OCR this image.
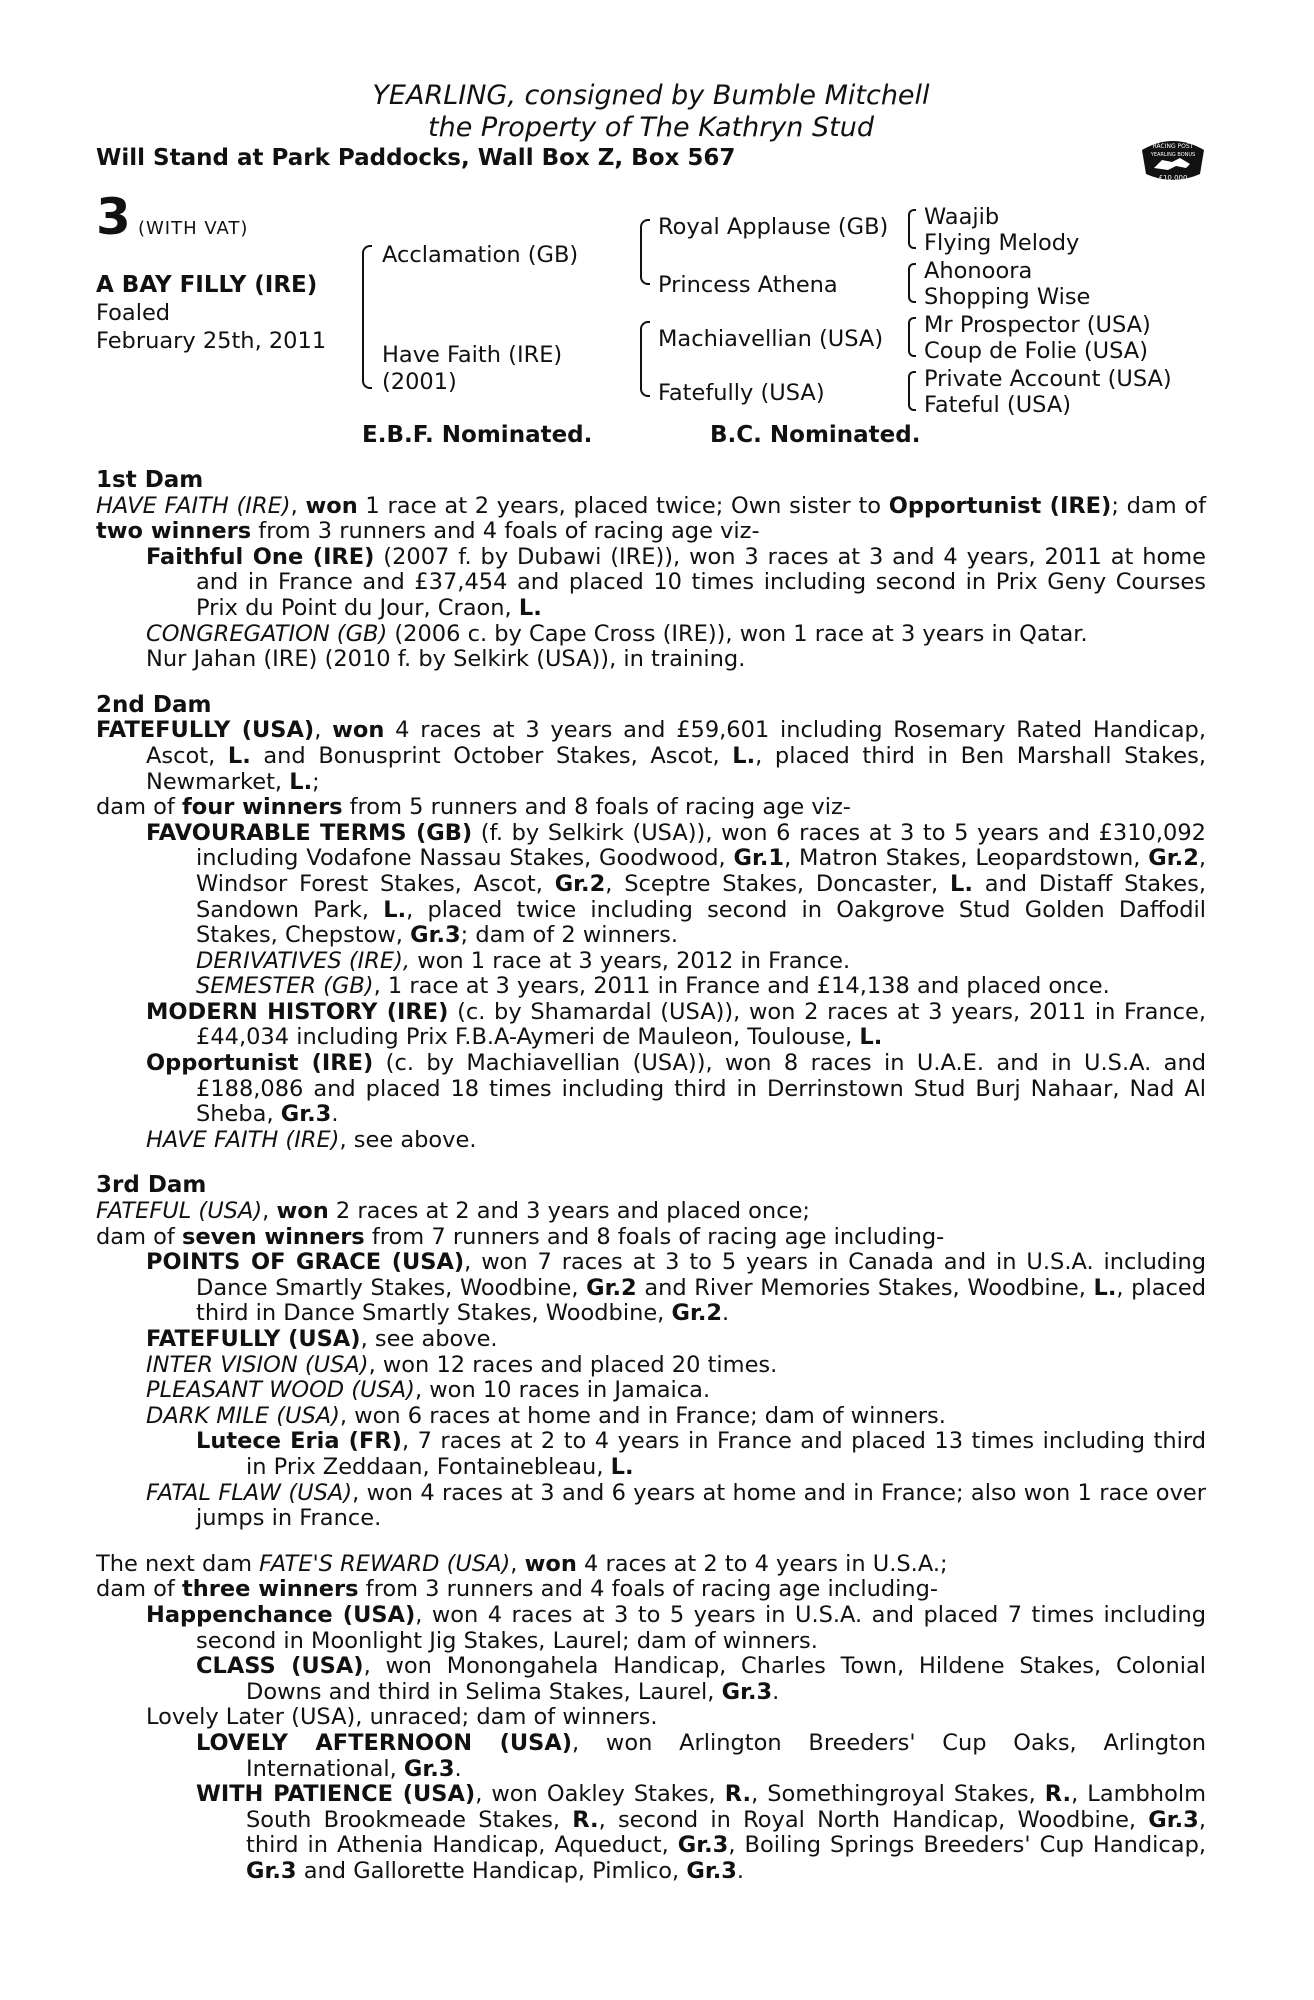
YEARLING, consigned by Bumble Mitchell
the Property of The Kathryn Stud
Will Stand at Park Paddocks, Wall Box Z, Box 567	RACING POST
YEARLING BONUS
£10,000
3 (WITH VAT)
A BAY FILLY (IRE)
Foaled
February 25th, 2011
Acclamation (GB)
Have Faith (IRE)
(2001)
Royal Applause (GB)
Princess Athena
Machiavellian (USA)
Fatefully (USA)
Waajib
Flying Melody
Ahonoora
Shopping Wise
Mr Prospector (USA)
Coup de Folie (USA)
Private Account (USA)
Fateful (USA)
E.B.F. Nominated.	B.C. Nominated.
1st Dam
HAVE FAITH (IRE), won 1 race at 2 years, placed twice; Own sister to Opportunist (IRE); dam of two winners from 3 runners and 4 foals of racing age viz-
Faithful One (IRE) (2007 f. by Dubawi (IRE)), won 3 races at 3 and 4 years, 2011 at home and in France and £37,454 and placed 10 times including second in Prix Geny Courses Prix du Point du Jour, Craon, L.
CONGREGATION (GB) (2006 c. by Cape Cross (IRE)), won 1 race at 3 years in Qatar.
Nur Jahan (IRE) (2010 f. by Selkirk (USA)), in training.
2nd Dam
FATEFULLY (USA), won 4 races at 3 years and £59,601 including Rosemary Rated Handicap, Ascot, L. and Bonusprint October Stakes, Ascot, L., placed third in Ben Marshall Stakes, Newmarket, L.;
dam of four winners from 5 runners and 8 foals of racing age viz-
FAVOURABLE TERMS (GB) (f. by Selkirk (USA)), won 6 races at 3 to 5 years and £310,092 including Vodafone Nassau Stakes, Goodwood, Gr.1, Matron Stakes, Leopardstown, Gr.2, Windsor Forest Stakes, Ascot, Gr.2, Sceptre Stakes, Doncaster, L. and Distaff Stakes, Sandown Park, L., placed twice including second in Oakgrove Stud Golden Daffodil Stakes, Chepstow, Gr.3; dam of 2 winners.
DERIVATIVES (IRE), won 1 race at 3 years, 2012 in France.
SEMESTER (GB), 1 race at 3 years, 2011 in France and £14,138 and placed once.
MODERN HISTORY (IRE) (c. by Shamardal (USA)), won 2 races at 3 years, 2011 in France, £44,034 including Prix F.B.A-Aymeri de Mauleon, Toulouse, L.
Opportunist (IRE) (c. by Machiavellian (USA)), won 8 races in U.A.E. and in U.S.A. and £188,086 and placed 18 times including third in Derrinstown Stud Burj Nahaar, Nad Al Sheba, Gr.3.
HAVE FAITH (IRE), see above.
3rd Dam
FATEFUL (USA), won 2 races at 2 and 3 years and placed once;
dam of seven winners from 7 runners and 8 foals of racing age including-
POINTS OF GRACE (USA), won 7 races at 3 to 5 years in Canada and in U.S.A. including Dance Smartly Stakes, Woodbine, Gr.2 and River Memories Stakes, Woodbine, L., placed third in Dance Smartly Stakes, Woodbine, Gr.2.
FATEFULLY (USA), see above.
INTER VISION (USA), won 12 races and placed 20 times.
PLEASANT WOOD (USA), won 10 races in Jamaica.
DARK MILE (USA), won 6 races at home and in France; dam of winners.
Lutece Eria (FR), 7 races at 2 to 4 years in France and placed 13 times including third in Prix Zeddaan, Fontainebleau, L.
FATAL FLAW (USA), won 4 races at 3 and 6 years at home and in France; also won 1 race over jumps in France.
The next dam FATE'S REWARD (USA), won 4 races at 2 to 4 years in U.S.A.;
dam of three winners from 3 runners and 4 foals of racing age including-
Happenchance (USA), won 4 races at 3 to 5 years in U.S.A. and placed 7 times including second in Moonlight Jig Stakes, Laurel; dam of winners.
CLASS (USA), won Monongahela Handicap, Charles Town, Hildene Stakes, Colonial Downs and third in Selima Stakes, Laurel, Gr.3.
Lovely Later (USA), unraced; dam of winners.
LOVELY AFTERNOON (USA), won Arlington Breeders' Cup Oaks, Arlington International, Gr.3.
WITH PATIENCE (USA), won Oakley Stakes, R., Somethingroyal Stakes, R., Lambholm South Brookmeade Stakes, R., second in Royal North Handicap, Woodbine, Gr.3, third in Athenia Handicap, Aqueduct, Gr.3, Boiling Springs Breeders' Cup Handicap, Gr.3 and Gallorette Handicap, Pimlico, Gr.3.
